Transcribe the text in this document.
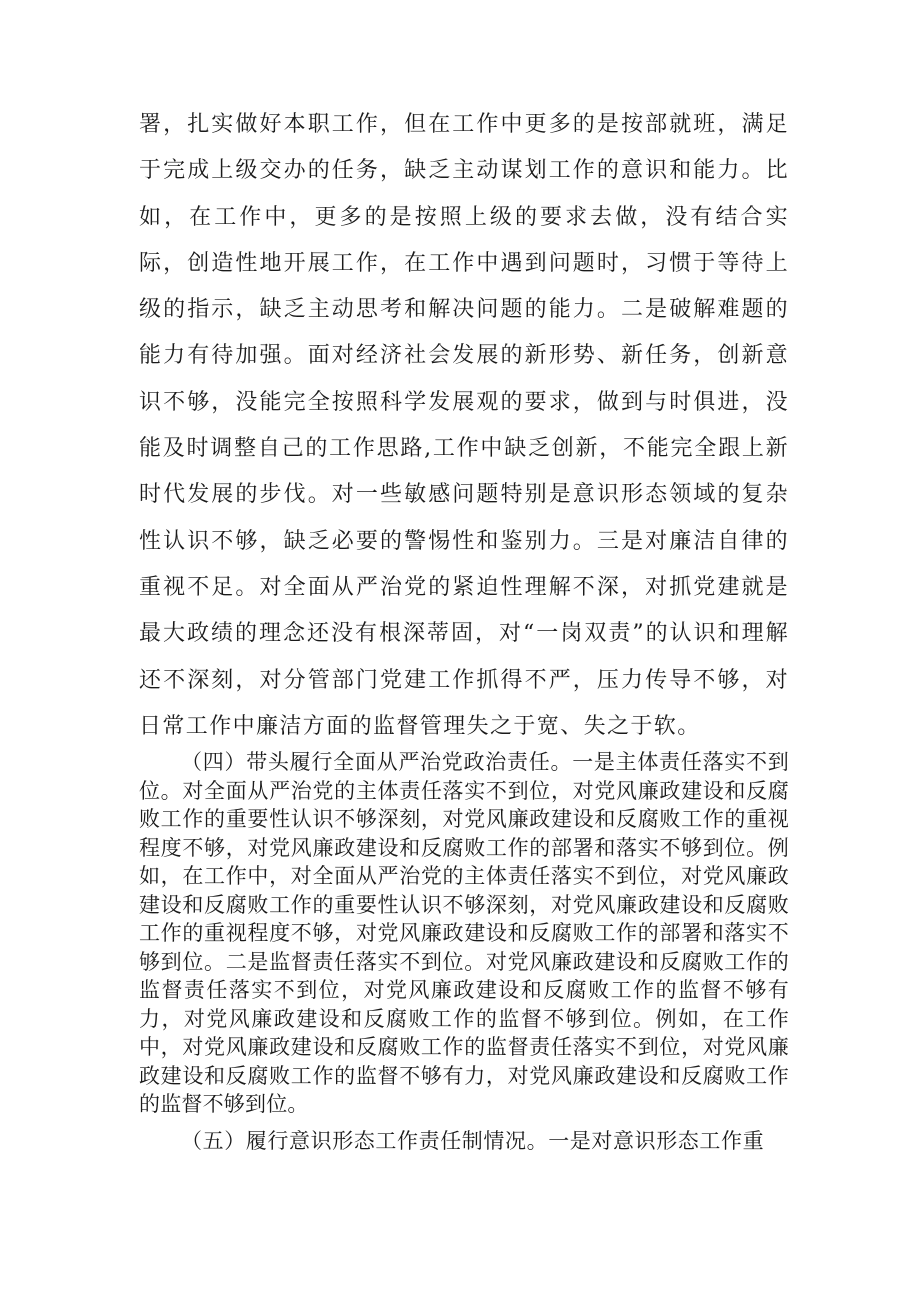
署，扎实做好本职工作，但在工作中更多的是按部就班，满足于完成上级交办的任务，缺乏主动谋划工作的意识和能力。比如，在工作中，更多的是按照上级的要求去做，没有结合实际，创造性地开展工作，在工作中遇到问题时，习惯于等待上级的指示，缺乏主动思考和解决问题的能力。二是破解难题的能力有待加强。面对经济社会发展的新形势、新任务，创新意识不够，没能完全按照科学发展观的要求，做到与时俱进，没能及时调整自己的工作思路,工作中缺乏创新，不能完全跟上新时代发展的步伐。对一些敏感问题特别是意识形态领域的复杂性认识不够，缺乏必要的警惕性和鉴别力。三是对廉洁自律的重视不足。对全面从严治党的紧迫性理解不深，对抓党建就是最大政绩的理念还没有根深蒂固，对“一岗双责”的认识和理解还不深刻，对分管部门党建工作抓得不严，压力传导不够，对日常工作中廉洁方面的监督管理失之于宽、失之于软。

（四）带头履行全面从严治党政治责任。一是主体责任落实不到位。对全面从严治党的主体责任落实不到位，对党风廉政建设和反腐败工作的重要性认识不够深刻，对党风廉政建设和反腐败工作的重视程度不够，对党风廉政建设和反腐败工作的部署和落实不够到位。例如，在工作中，对全面从严治党的主体责任落实不到位，对党风廉政建设和反腐败工作的重要性认识不够深刻，对党风廉政建设和反腐败工作的重视程度不够，对党风廉政建设和反腐败工作的部署和落实不够到位。二是监督责任落实不到位。对党风廉政建设和反腐败工作的监督责任落实不到位，对党风廉政建设和反腐败工作的监督不够有力，对党风廉政建设和反腐败工作的监督不够到位。例如，在工作中，对党风廉政建设和反腐败工作的监督责任落实不到位，对党风廉政建设和反腐败工作的监督不够有力，对党风廉政建设和反腐败工作的监督不够到位。

（五）履行意识形态工作责任制情况。一是对意识形态工作重
